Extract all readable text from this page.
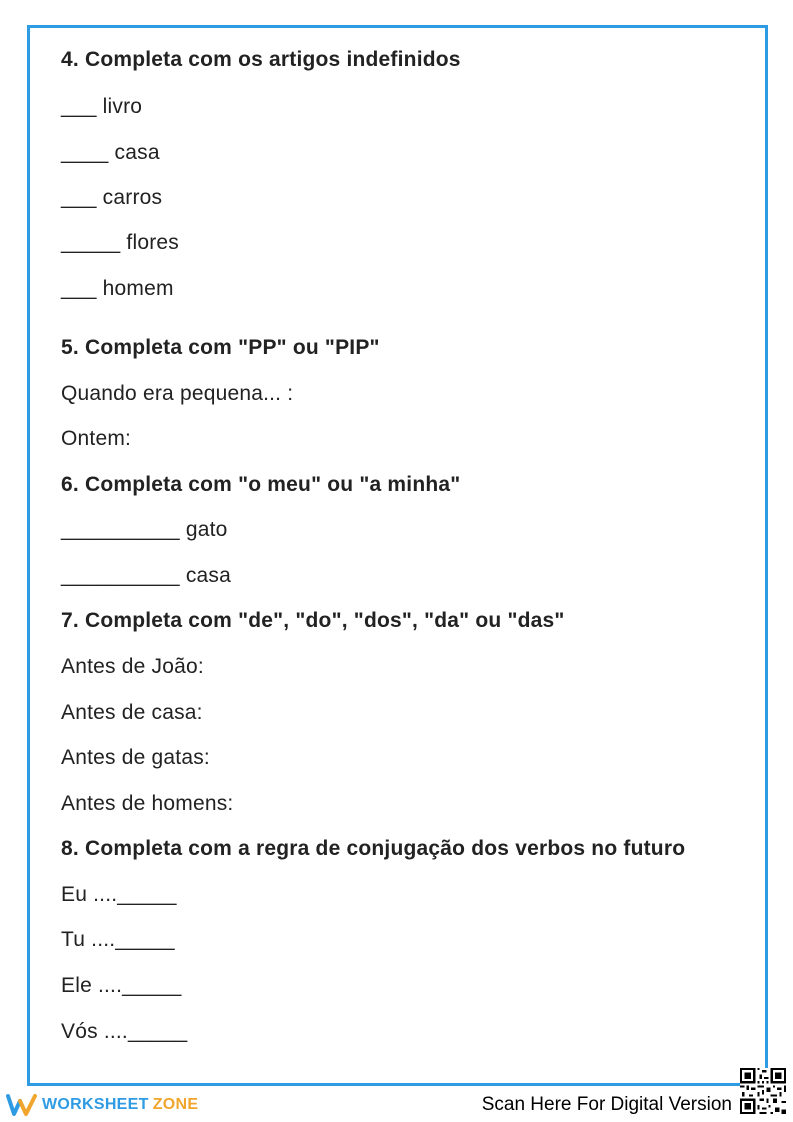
4. Completa com os artigos indefinidos
___ livro
____ casa
___ carros
_____ flores
___ homem
5. Completa com "PP" ou "PIP"
Quando era pequena... :
Ontem:
6. Completa com "o meu" ou "a minha"
__________ gato
__________ casa
7. Completa com "de", "do", "dos", "da" ou "das"
Antes de João:
Antes de casa:
Antes de gatas:
Antes de homens:
8. Completa com a regra de conjugação dos verbos no futuro
Eu ...._____
Tu ...._____
Ele ...._____
Vós ...._____
WORKSHEET ZONE	Scan Here For Digital Version
